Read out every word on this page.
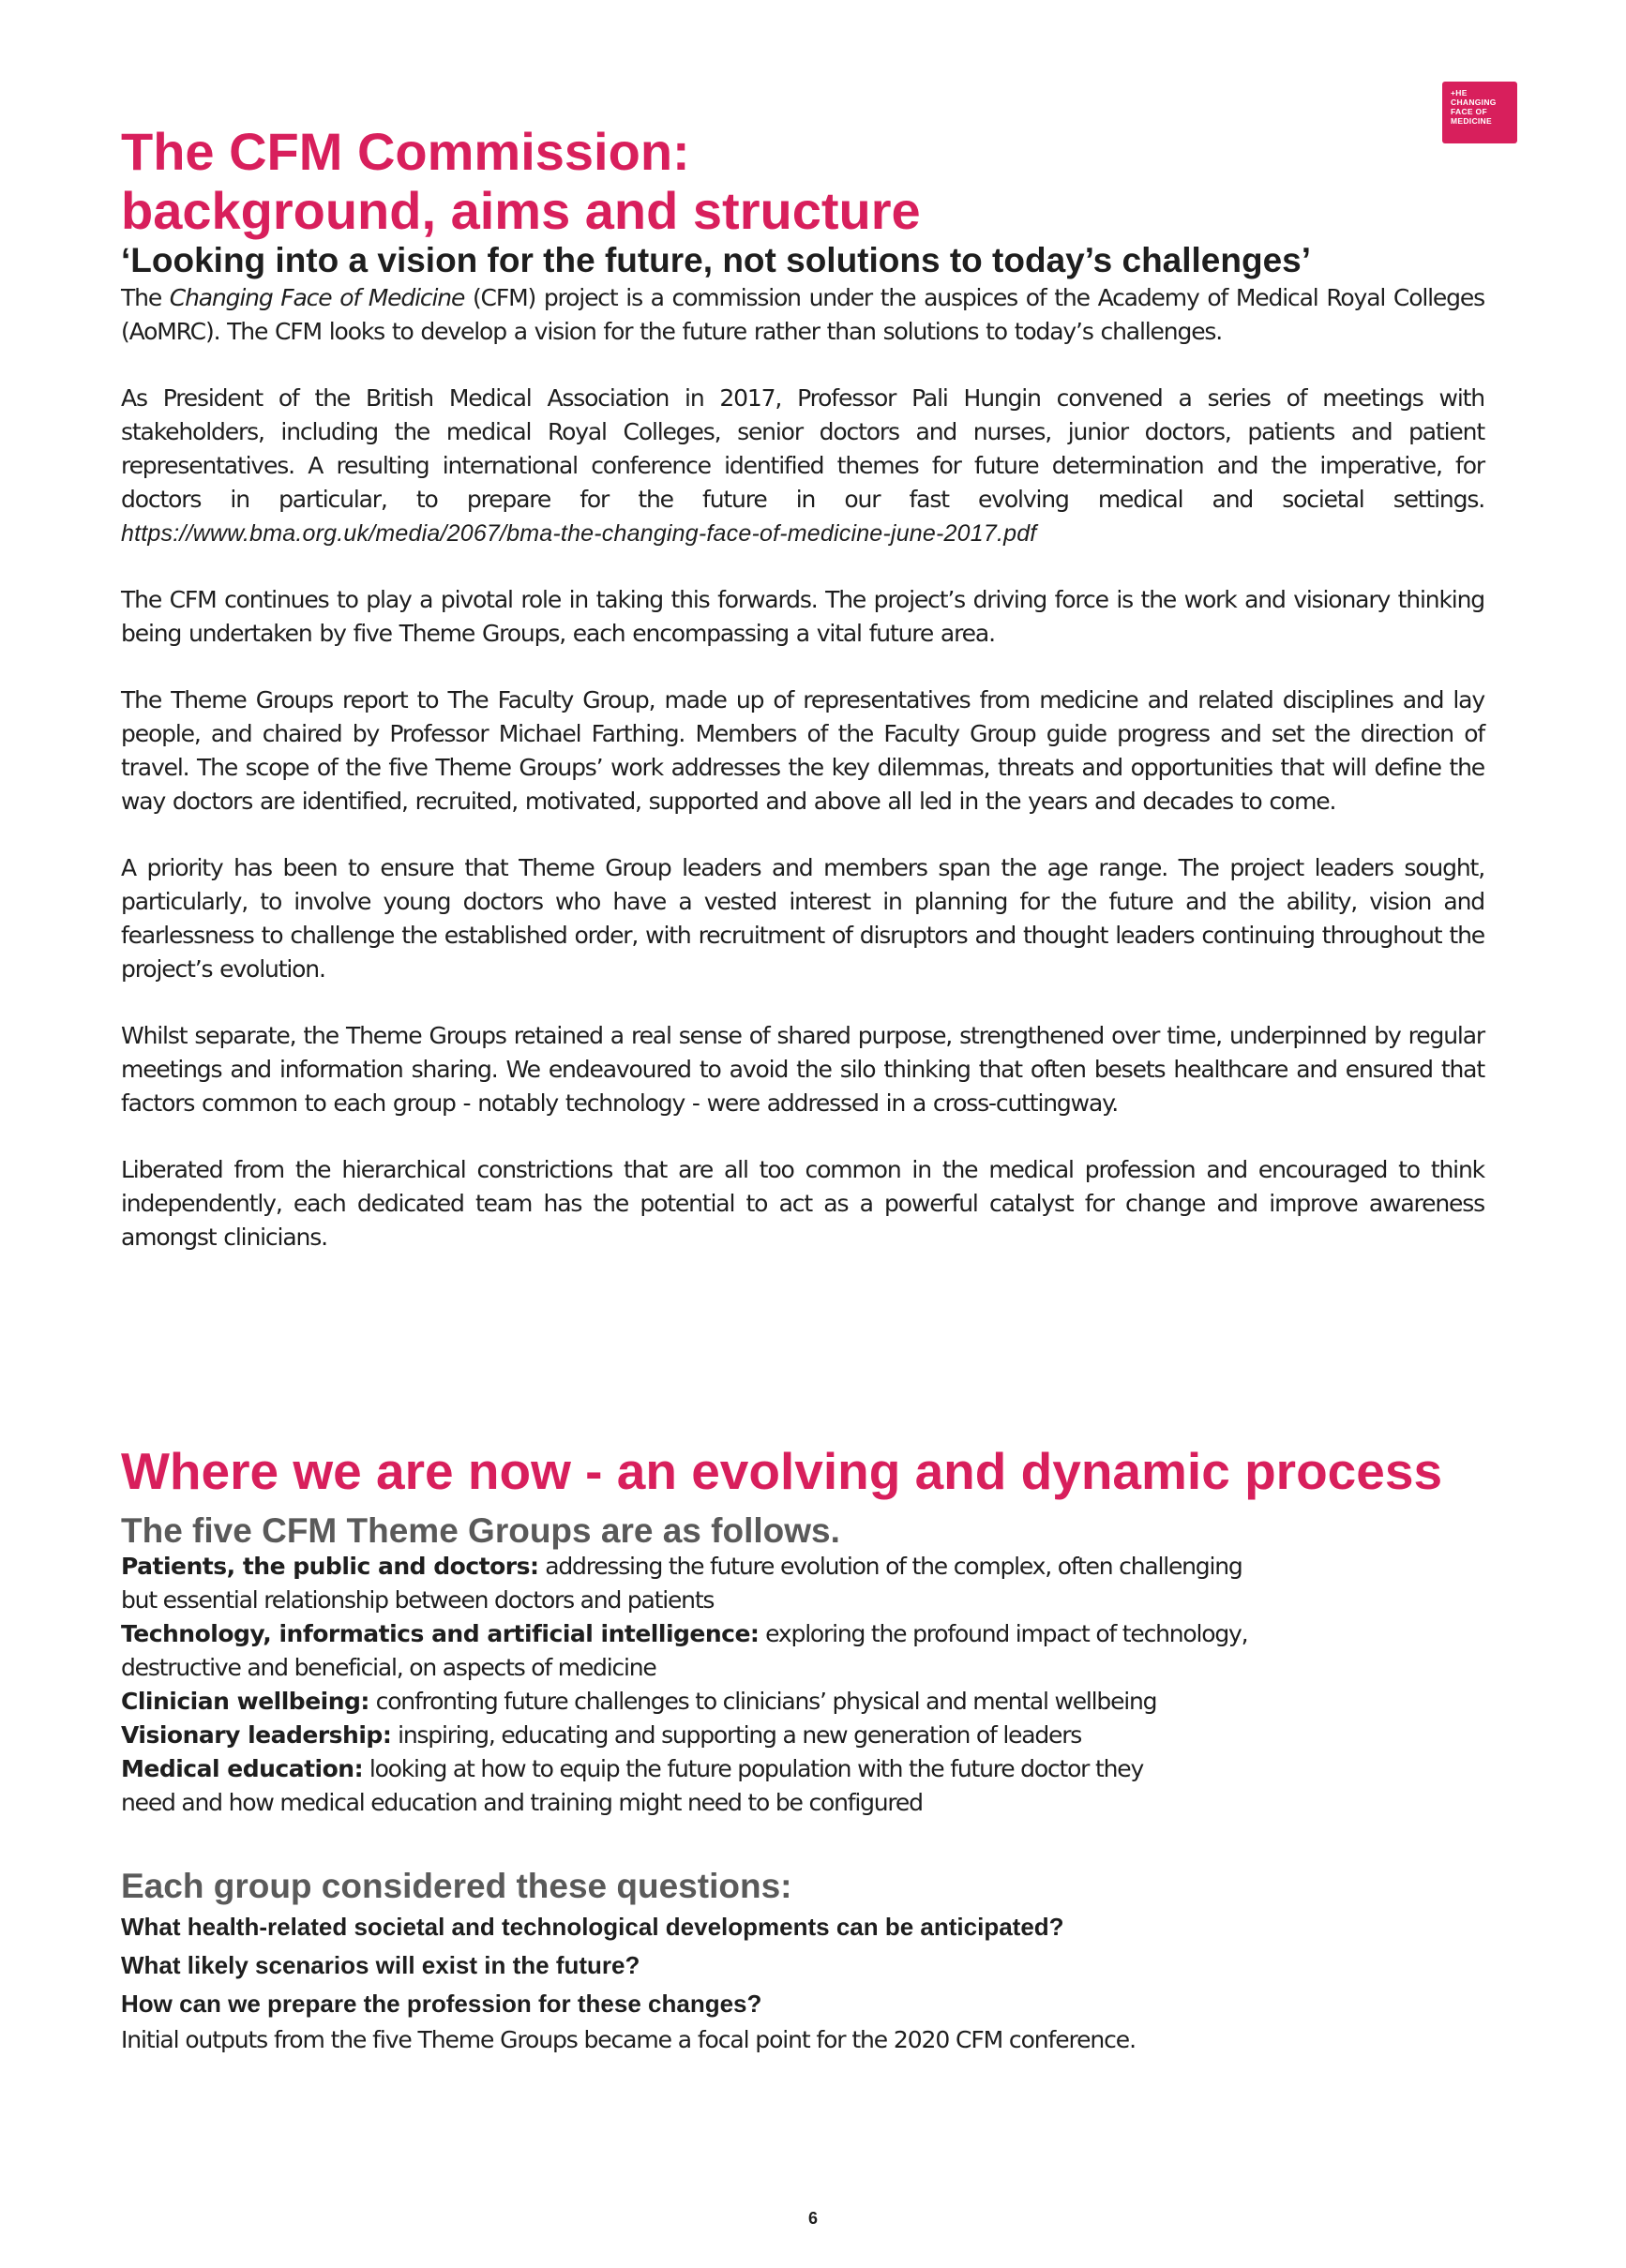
+HE
CHANGING
FACE OF
MEDICINE
The CFM Commission:
background, aims and structure
‘Looking into a vision for the future, not solutions to today’s challenges’

The Changing Face of Medicine (CFM) project is a commission under the auspices of the Academy of Medical Royal Colleges (AoMRC). The CFM looks to develop a vision for the future rather than solutions to today’s challenges.

As President of the British Medical Association in 2017, Professor Pali Hungin convened a series of meetings with stakeholders, including the medical Royal Colleges, senior doctors and nurses, junior doctors, patients and patient representatives. A resulting international conference identified themes for future determination and the imperative, for doctors in particular, to prepare for the future in our fast evolving medical and societal settings. https://www.bma.org.uk/media/2067/bma-the-changing-face-of-medicine-june-2017.pdf

The CFM continues to play a pivotal role in taking this forwards. The project’s driving force is the work and visionary thinking being undertaken by five Theme Groups, each encompassing a vital future area.

The Theme Groups report to The Faculty Group, made up of representatives from medicine and related disciplines and lay people, and chaired by Professor Michael Farthing. Members of the Faculty Group guide progress and set the direction of travel. The scope of the five Theme Groups’ work addresses the key dilemmas, threats and opportunities that will define the way doctors are identified, recruited, motivated, supported and above all led in the years and decades to come.

A priority has been to ensure that Theme Group leaders and members span the age range. The project leaders sought, particularly, to involve young doctors who have a vested interest in planning for the future and the ability, vision and fearlessness to challenge the established order, with recruitment of disruptors and thought leaders continuing throughout the project’s evolution.

Whilst separate, the Theme Groups retained a real sense of shared purpose, strengthened over time, underpinned by regular meetings and information sharing. We endeavoured to avoid the silo thinking that often besets healthcare and ensured that factors common to each group - notably technology - were addressed in a cross-cuttingway.

Liberated from the hierarchical constrictions that are all too common in the medical profession and encouraged to think independently, each dedicated team has the potential to act as a powerful catalyst for change and improve awareness amongst clinicians.

Where we are now - an evolving and dynamic process
The five CFM Theme Groups are as follows.
Patients, the public and doctors: addressing the future evolution of the complex, often challenging
but essential relationship between doctors and patients
Technology, informatics and artificial intelligence: exploring the profound impact of technology,
destructive and beneficial, on aspects of medicine
Clinician wellbeing: confronting future challenges to clinicians’ physical and mental wellbeing
Visionary leadership: inspiring, educating and supporting a new generation of leaders
Medical education: looking at how to equip the future population with the future doctor they
need and how medical education and training might need to be configured
Each group considered these questions:
What health-related societal and technological developments can be anticipated?
What likely scenarios will exist in the future?
How can we prepare the profession for these changes?
Initial outputs from the five Theme Groups became a focal point for the 2020 CFM conference.
6
